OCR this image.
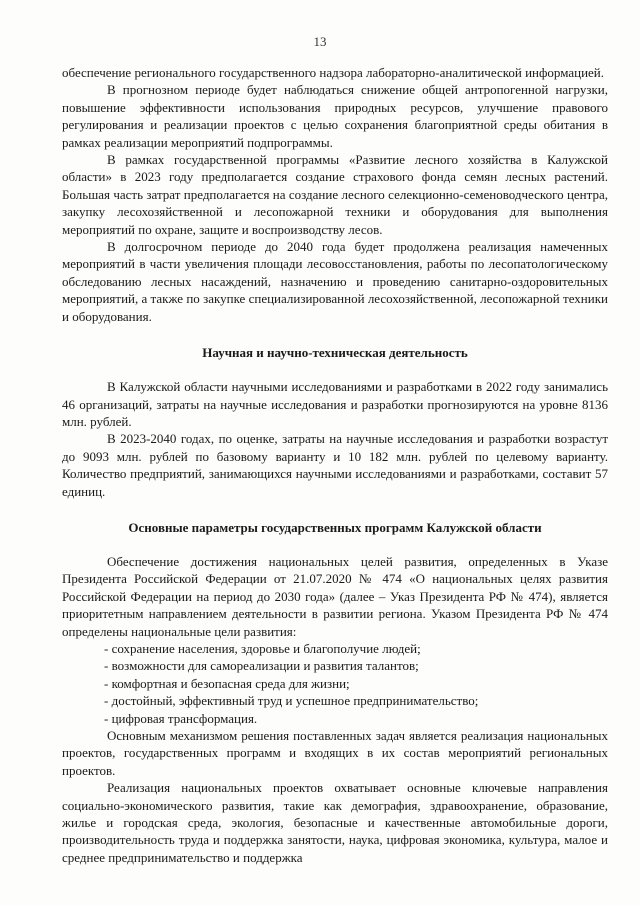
13

обеспечение регионального государственного надзора лабораторно-аналитической информацией.

В прогнозном периоде будет наблюдаться снижение общей антропогенной нагрузки, повышение эффективности использования природных ресурсов, улучшение правового регулирования и реализации проектов с целью сохранения благоприятной среды обитания в рамках реализации мероприятий подпрограммы.

В рамках государственной программы «Развитие лесного хозяйства в Калужской области» в 2023 году предполагается создание страхового фонда семян лесных растений. Большая часть затрат предполагается на создание лесного селекционно-семеноводческого центра, закупку лесохозяйственной и лесопожарной техники и оборудования для выполнения мероприятий по охране, защите и воспроизводству лесов.

В долгосрочном периоде до 2040 года будет продолжена реализация намеченных мероприятий в части увеличения площади лесовосстановления, работы по лесопатологическому обследованию лесных насаждений, назначению и проведению санитарно-оздоровительных мероприятий, а также по закупке специализированной лесохозяйственной, лесопожарной техники и оборудования.

Научная и научно-техническая деятельность

В Калужской области научными исследованиями и разработками в 2022 году занимались 46 организаций, затраты на научные исследования и разработки прогнозируются на уровне 8136 млн. рублей.

В 2023-2040 годах, по оценке, затраты на научные исследования и разработки возрастут до 9093 млн. рублей по базовому варианту и 10 182 млн. рублей по целевому варианту. Количество предприятий, занимающихся научными исследованиями и разработками, составит 57 единиц.

Основные параметры государственных программ Калужской области

Обеспечение достижения национальных целей развития, определенных в Указе Президента Российской Федерации от 21.07.2020 № 474 «О национальных целях развития Российской Федерации на период до 2030 года» (далее – Указ Президента РФ № 474), является приоритетным направлением деятельности в развитии региона. Указом Президента РФ № 474 определены национальные цели развития:

- сохранение населения, здоровье и благополучие людей;
- возможности для самореализации и развития талантов;
- комфортная и безопасная среда для жизни;
- достойный, эффективный труд и успешное предпринимательство;
- цифровая трансформация.

Основным механизмом решения поставленных задач является реализация национальных проектов, государственных программ и входящих в их состав мероприятий региональных проектов.

Реализация национальных проектов охватывает основные ключевые направления социально-экономического развития, такие как демография, здравоохранение, образование, жилье и городская среда, экология, безопасные и качественные автомобильные дороги, производительность труда и поддержка занятости, наука, цифровая экономика, культура, малое и среднее предпринимательство и поддержка
